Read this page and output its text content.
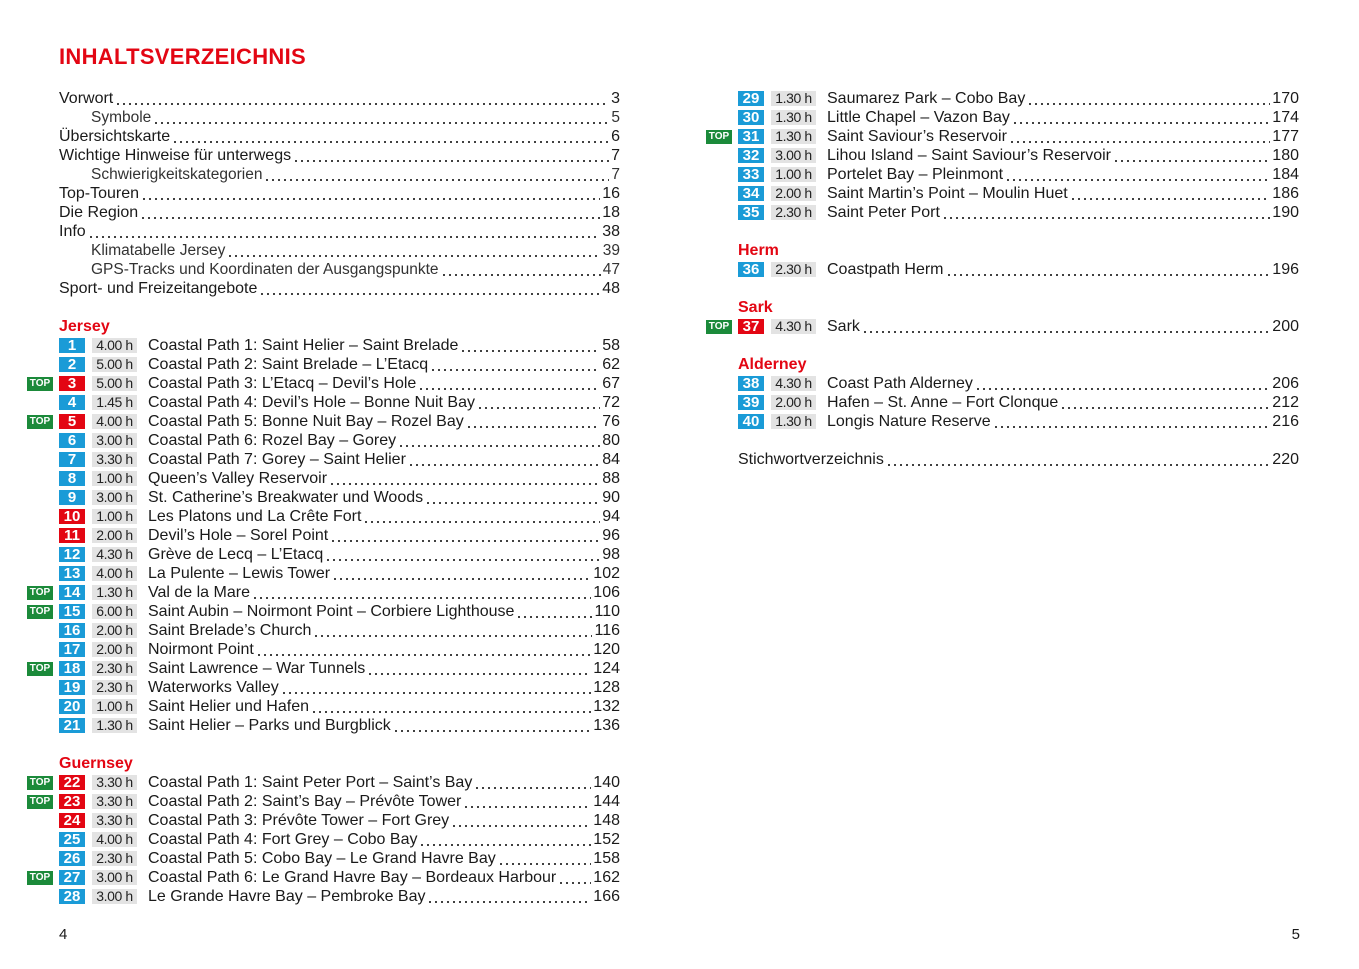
INHALTSVERZEICHNIS
Vorwort	3
Symbole	5
Übersichtskarte	6
Wichtige Hinweise für unterwegs	7
Schwierigkeitskategorien	7
Top-Touren	16
Die Region	18
Info	38
Klimatabelle Jersey	39
GPS-Tracks und Koordinaten der Ausgangspunkte	47
Sport- und Freizeitangebote	48
Jersey
1	4.00 h Coastal Path 1: Saint Helier – Saint Brelade	58
2	5.00 h Coastal Path 2: Saint Brelade – L’Etacq	62
TOP	3	5.00 h Coastal Path 3: L’Etacq – Devil’s Hole	67
4	1.45 h Coastal Path 4: Devil’s Hole – Bonne Nuit Bay	72
TOP	5	4.00 h Coastal Path 5: Bonne Nuit Bay – Rozel Bay	76
6	3.00 h Coastal Path 6: Rozel Bay – Gorey	80
7	3.30 h Coastal Path 7: Gorey – Saint Helier	84
8	1.00 h Queen’s Valley Reservoir	88
9	3.00 h St. Catherine’s Breakwater und Woods	90
10	1.00 h Les Platons und La Crête Fort	94
11	2.00 h Devil’s Hole – Sorel Point	96
12	4.30 h Grève de Lecq – L’Etacq	98
13	4.00 h La Pulente – Lewis Tower	102
TOP 14	1.30 h Val de la Mare	106
TOP 15	6.00 h Saint Aubin – Noirmont Point – Corbiere Lighthouse	110
16	2.00 h Saint Brelade’s Church	116
17	2.00 h Noirmont Point	120
TOP 18	2.30 h Saint Lawrence – War Tunnels	124
19	2.30 h Waterworks Valley	128
20	1.00 h Saint Helier und Hafen	132
21	1.30 h Saint Helier – Parks und Burgblick	136
Guernsey
TOP 22	3.30 h Coastal Path 1: Saint Peter Port – Saint’s Bay	140
TOP 23	3.30 h Coastal Path 2: Saint’s Bay – Prévôte Tower	144
24	3.30 h Coastal Path 3: Prévôte Tower – Fort Grey	148
25	4.00 h Coastal Path 4: Fort Grey – Cobo Bay	152
26	2.30 h Coastal Path 5: Cobo Bay – Le Grand Havre Bay	158
TOP 27	3.00 h Coastal Path 6: Le Grand Havre Bay – Bordeaux Harbour 162
28	3.00 h Le Grande Havre Bay – Pembroke Bay	166
29	1.30 h Saumarez Park – Cobo Bay	170
30	1.30 h Little Chapel – Vazon Bay	174
TOP 31	1.30 h Saint Saviour’s Reservoir	177
32	3.00 h Lihou Island – Saint Saviour’s Reservoir	180
33	1.00 h Portelet Bay – Pleinmont	184
34	2.00 h Saint Martin’s Point – Moulin Huet	186
35	2.30 h Saint Peter Port	190
Herm
36	2.30 h Coastpath Herm	196
Sark
TOP 37	4.30 h Sark	200
Alderney
38	4.30 h Coast Path Alderney	206
39	2.00 h Hafen – St. Anne – Fort Clonque	212
40	1.30 h Longis Nature Reserve	216
Stichwortverzeichnis	220
4	5
